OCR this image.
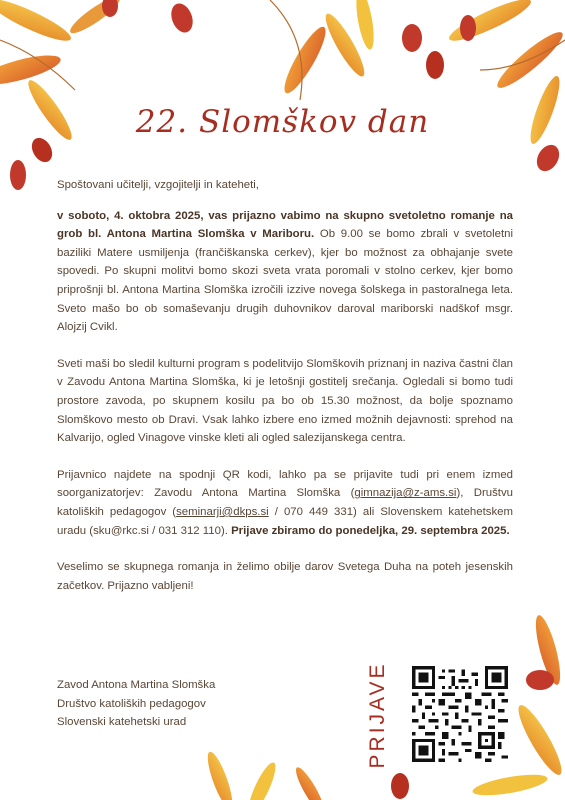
22. Slomškov dan

Spoštovani učitelji, vzgojitelji in kateheti,

v soboto, 4. oktobra 2025, vas prijazno vabimo na skupno svetoletno romanje na grob bl. Antona Martina Slomška v Mariboru. Ob 9.00 se bomo zbrali v svetoletni baziliki Matere usmiljenja (frančiškanska cerkev), kjer bo možnost za obhajanje svete spovedi. Po skupni molitvi bomo skozi sveta vrata poromali v stolno cerkev, kjer bomo priprošnji bl. Antona Martina Slomška izročili izzive novega šolskega in pastoralnega leta. Sveto mašo bo ob somaševanju drugih duhovnikov daroval mariborski nadškof msgr. Alojzij Cvikl.

Sveti maši bo sledil kulturni program s podelitvijo Slomškovih priznanj in naziva častni član v Zavodu Antona Martina Slomška, ki je letošnji gostitelj srečanja. Ogledali si bomo tudi prostore zavoda, po skupnem kosilu pa bo ob 15.30 možnost, da bolje spoznamo Slomškovo mesto ob Dravi. Vsak lahko izbere eno izmed možnih dejavnosti: sprehod na Kalvarijo, ogled Vinagove vinske kleti ali ogled salezijanskega centra.

Prijavnico najdete na spodnji QR kodi, lahko pa se prijavite tudi pri enem izmed soorganizatorjev: Zavodu Antona Martina Slomška (gimnazija@z-ams.si), Društvu katoliških pedagogov (seminarji@dkps.si / 070 449 331) ali Slovenskem katehetskem uradu (sku@rkc.si / 031 312 110). Prijave zbiramo do ponedeljka, 29. septembra 2025.

Veselimo se skupnega romanja in želimo obilje darov Svetega Duha na poteh jesenskih začetkov. Prijazno vabljeni!

Zavod Antona Martina Slomška
Društvo katoliških pedagogov
Slovenski katehetski urad	PRIJAVE
